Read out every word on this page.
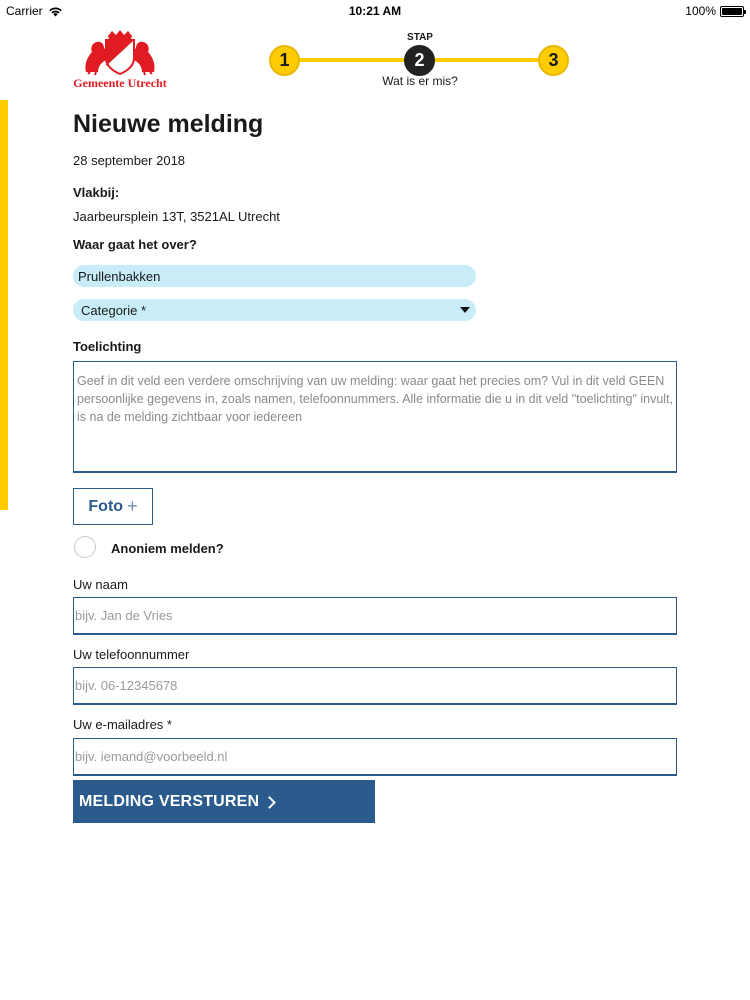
Carrier	10:21 AM	100%
Gemeente Utrecht
STAP
1	2	3
Wat is er mis?
Nieuwe melding
28 september 2018
Vlakbij:
Jaarbeursplein 13T, 3521AL Utrecht
Waar gaat het over?
Prullenbakken
Categorie *
Toelichting
Geef in dit veld een verdere omschrijving van uw melding: waar gaat het precies om? Vul in dit veld GEEN persoonlijke gegevens in, zoals namen, telefoonnummers. Alle informatie die u in dit veld "toelichting" invult, is na de melding zichtbaar voor iedereen
Foto +
Anoniem melden?
Uw naam
bijv. Jan de Vries
Uw telefoonnummer
bijv. 06-12345678
Uw e-mailadres *
bijv. iemand@voorbeeld.nl
MELDING VERSTUREN
